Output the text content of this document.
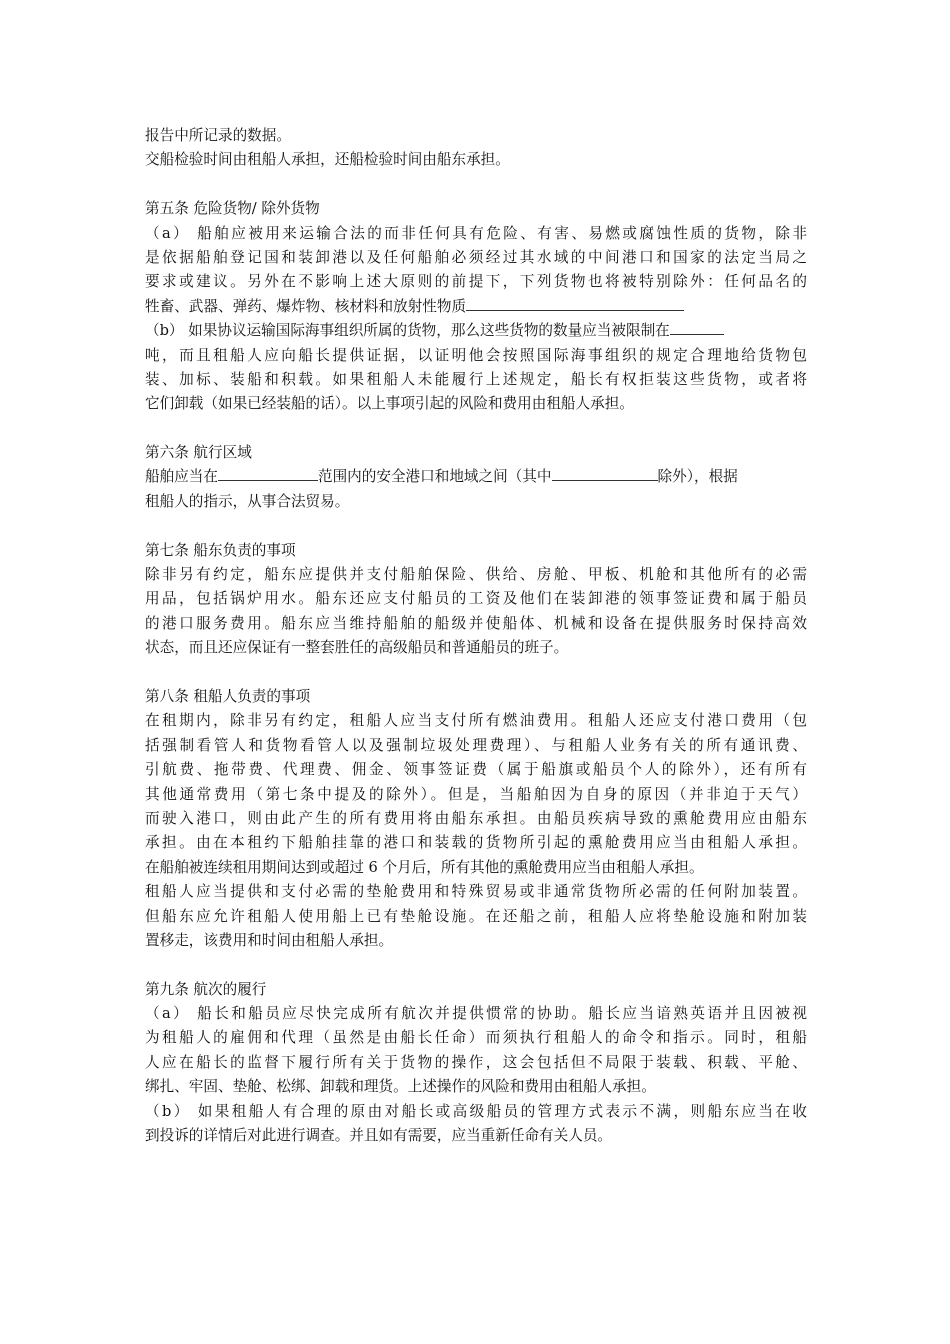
报告中所记录的数据。
交船检验时间由租船人承担，还船检验时间由船东承担。
第五条 危险货物/ 除外货物
（a） 船舶应被用来运输合法的而非任何具有危险、有害、易燃或腐蚀性质的货物，除非
是依据船舶登记国和装卸港以及任何船舶必须经过其水域的中间港口和国家的法定当局之
要求或建议。另外在不影响上述大原则的前提下，下列货物也将被特别除外：任何品名的
牲畜、武器、弹药、爆炸物、核材料和放射性物质
（b） 如果协议运输国际海事组织所属的货物，那么这些货物的数量应当被限制在
吨，而且租船人应向船长提供证据，以证明他会按照国际海事组织的规定合理地给货物包
装、加标、装船和积载。如果租船人未能履行上述规定，船长有权拒装这些货物，或者将
它们卸载（如果已经装船的话）。以上事项引起的风险和费用由租船人承担。
第六条 航行区域
船舶应当在	范围内的安全港口和地域之间（其中	除外），根据
租船人的指示，从事合法贸易。
第七条 船东负责的事项
除非另有约定，船东应提供并支付船舶保险、供给、房舱、甲板、机舱和其他所有的必需
用品，包括锅炉用水。船东还应支付船员的工资及他们在装卸港的领事签证费和属于船员
的港口服务费用。船东应当维持船舶的船级并使船体、机械和设备在提供服务时保持高效
状态，而且还应保证有一整套胜任的高级船员和普通船员的班子。
第八条 租船人负责的事项
在租期内，除非另有约定，租船人应当支付所有燃油费用。租船人还应支付港口费用（包
括强制看管人和货物看管人以及强制垃圾处理费理）、与租船人业务有关的所有通讯费、
引航费、拖带费、代理费、佣金、领事签证费（属于船旗或船员个人的除外），还有所有
其他通常费用（第七条中提及的除外）。但是，当船舶因为自身的原因（并非迫于天气）
而驶入港口，则由此产生的所有费用将由船东承担。由船员疾病导致的熏舱费用应由船东
承担。由在本租约下船舶挂靠的港口和装载的货物所引起的熏舱费用应当由租船人承担。
在船舶被连续租用期间达到或超过 6 个月后，所有其他的熏舱费用应当由租船人承担。
租船人应当提供和支付必需的垫舱费用和特殊贸易或非通常货物所必需的任何附加装置。
但船东应允许租船人使用船上已有垫舱设施。在还船之前，租船人应将垫舱设施和附加装
置移走，该费用和时间由租船人承担。
第九条 航次的履行
（a） 船长和船员应尽快完成所有航次并提供惯常的协助。船长应当谙熟英语并且因被视
为租船人的雇佣和代理（虽然是由船长任命）而须执行租船人的命令和指示。同时，租船
人应在船长的监督下履行所有关于货物的操作，这会包括但不局限于装载、积载、平舱、
绑扎、牢固、垫舱、松绑、卸载和理货。上述操作的风险和费用由租船人承担。
（b） 如果租船人有合理的原由对船长或高级船员的管理方式表示不满，则船东应当在收
到投诉的详情后对此进行调查。并且如有需要，应当重新任命有关人员。
